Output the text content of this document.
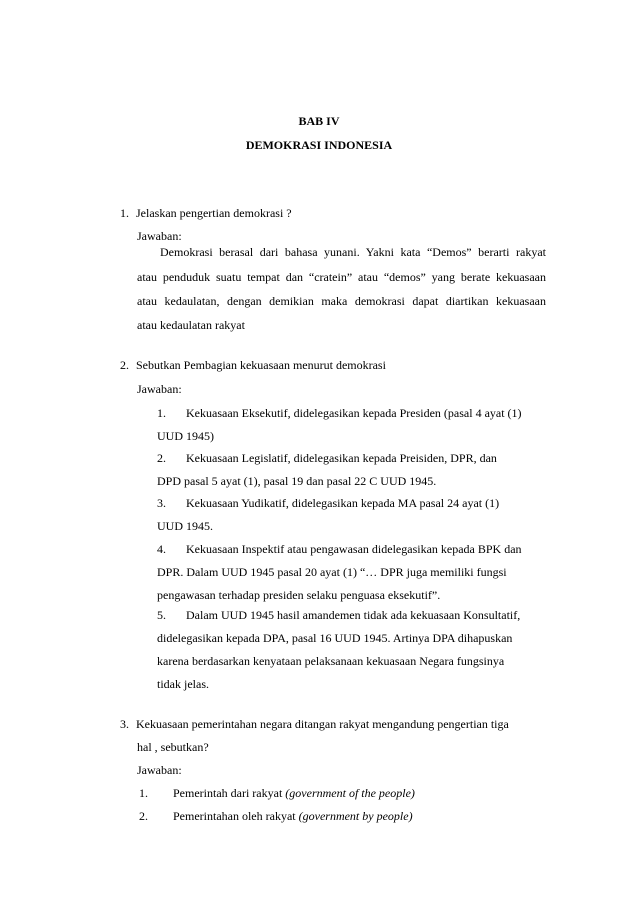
BAB IV
DEMOKRASI INDONESIA
1. Jelaskan pengertian demokrasi ?
Jawaban:
Demokrasi berasal dari bahasa yunani. Yakni kata “Demos” berarti rakyat
atau penduduk suatu tempat dan “cratein” atau “demos” yang berate kekuasaan
atau kedaulatan, dengan demikian maka demokrasi dapat diartikan kekuasaan
atau kedaulatan rakyat
2. Sebutkan Pembagian kekuasaan menurut demokrasi
Jawaban:
1. Kekuasaan Eksekutif, didelegasikan kepada Presiden (pasal 4 ayat (1)
UUD 1945)
2. Kekuasaan Legislatif, didelegasikan kepada Preisiden, DPR, dan
DPD pasal 5 ayat (1), pasal 19 dan pasal 22 C UUD 1945.
3. Kekuasaan Yudikatif, didelegasikan kepada MA pasal 24 ayat (1)
UUD 1945.
4. Kekuasaan Inspektif atau pengawasan didelegasikan kepada BPK dan
DPR. Dalam UUD 1945 pasal 20 ayat (1) “… DPR juga memiliki fungsi
pengawasan terhadap presiden selaku penguasa eksekutif”.
5. Dalam UUD 1945 hasil amandemen tidak ada kekuasaan Konsultatif,
didelegasikan kepada DPA, pasal 16 UUD 1945. Artinya DPA dihapuskan
karena berdasarkan kenyataan pelaksanaan kekuasaan Negara fungsinya
tidak jelas.
3. Kekuasaan pemerintahan negara ditangan rakyat mengandung pengertian tiga
hal , sebutkan?
Jawaban:
1. Pemerintah dari rakyat (government of the people)
2. Pemerintahan oleh rakyat (government by people)
